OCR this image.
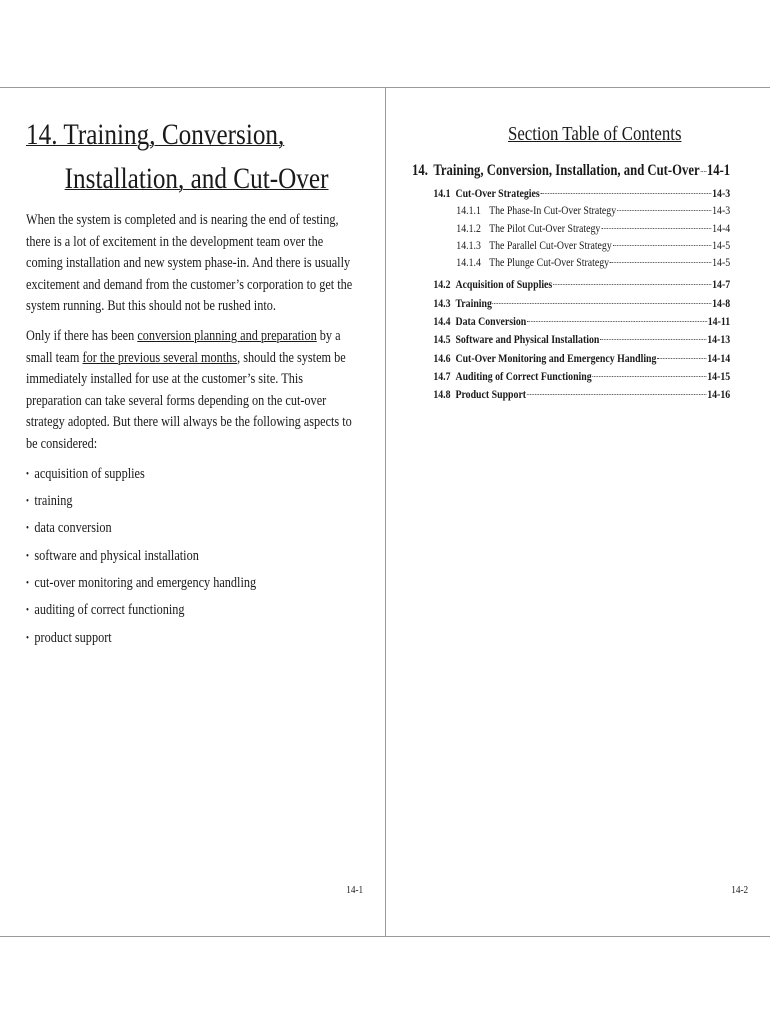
14. Training, Conversion,
Installation, and Cut-Over

When the system is completed and is nearing the end of testing, there is a lot of excitement in the development team over the coming installation and new system phase-in. And there is usually excitement and demand from the customer’s corporation to get the system running. But this should not be rushed into.

Only if there has been conversion planning and preparation by a small team for the previous several months, should the system be immediately installed for use at the customer’s site. This preparation can take several forms depending on the cut-over strategy adopted. But there will always be the following aspects to be considered:

• acquisition of supplies
• training
• data conversion
• software and physical installation
• cut-over monitoring and emergency handling
• auditing of correct functioning
• product support
14-1
Section Table of Contents
14. Training, Conversion, Installation, and Cut-Over 14-1
14.1 Cut-Over Strategies	14-3
14.1.1 The Phase-In Cut-Over Strategy	14-3
14.1.2 The Pilot Cut-Over Strategy	14-4
14.1.3 The Parallel Cut-Over Strategy	14-5
14.1.4 The Plunge Cut-Over Strategy	14-5
14.2 Acquisition of Supplies	14-7
14.3 Training	14-8
14.4 Data Conversion	14-11
14.5 Software and Physical Installation	14-13
14.6 Cut-Over Monitoring and Emergency Handling	14-14
14.7 Auditing of Correct Functioning	14-15
14.8 Product Support	14-16
14-2
